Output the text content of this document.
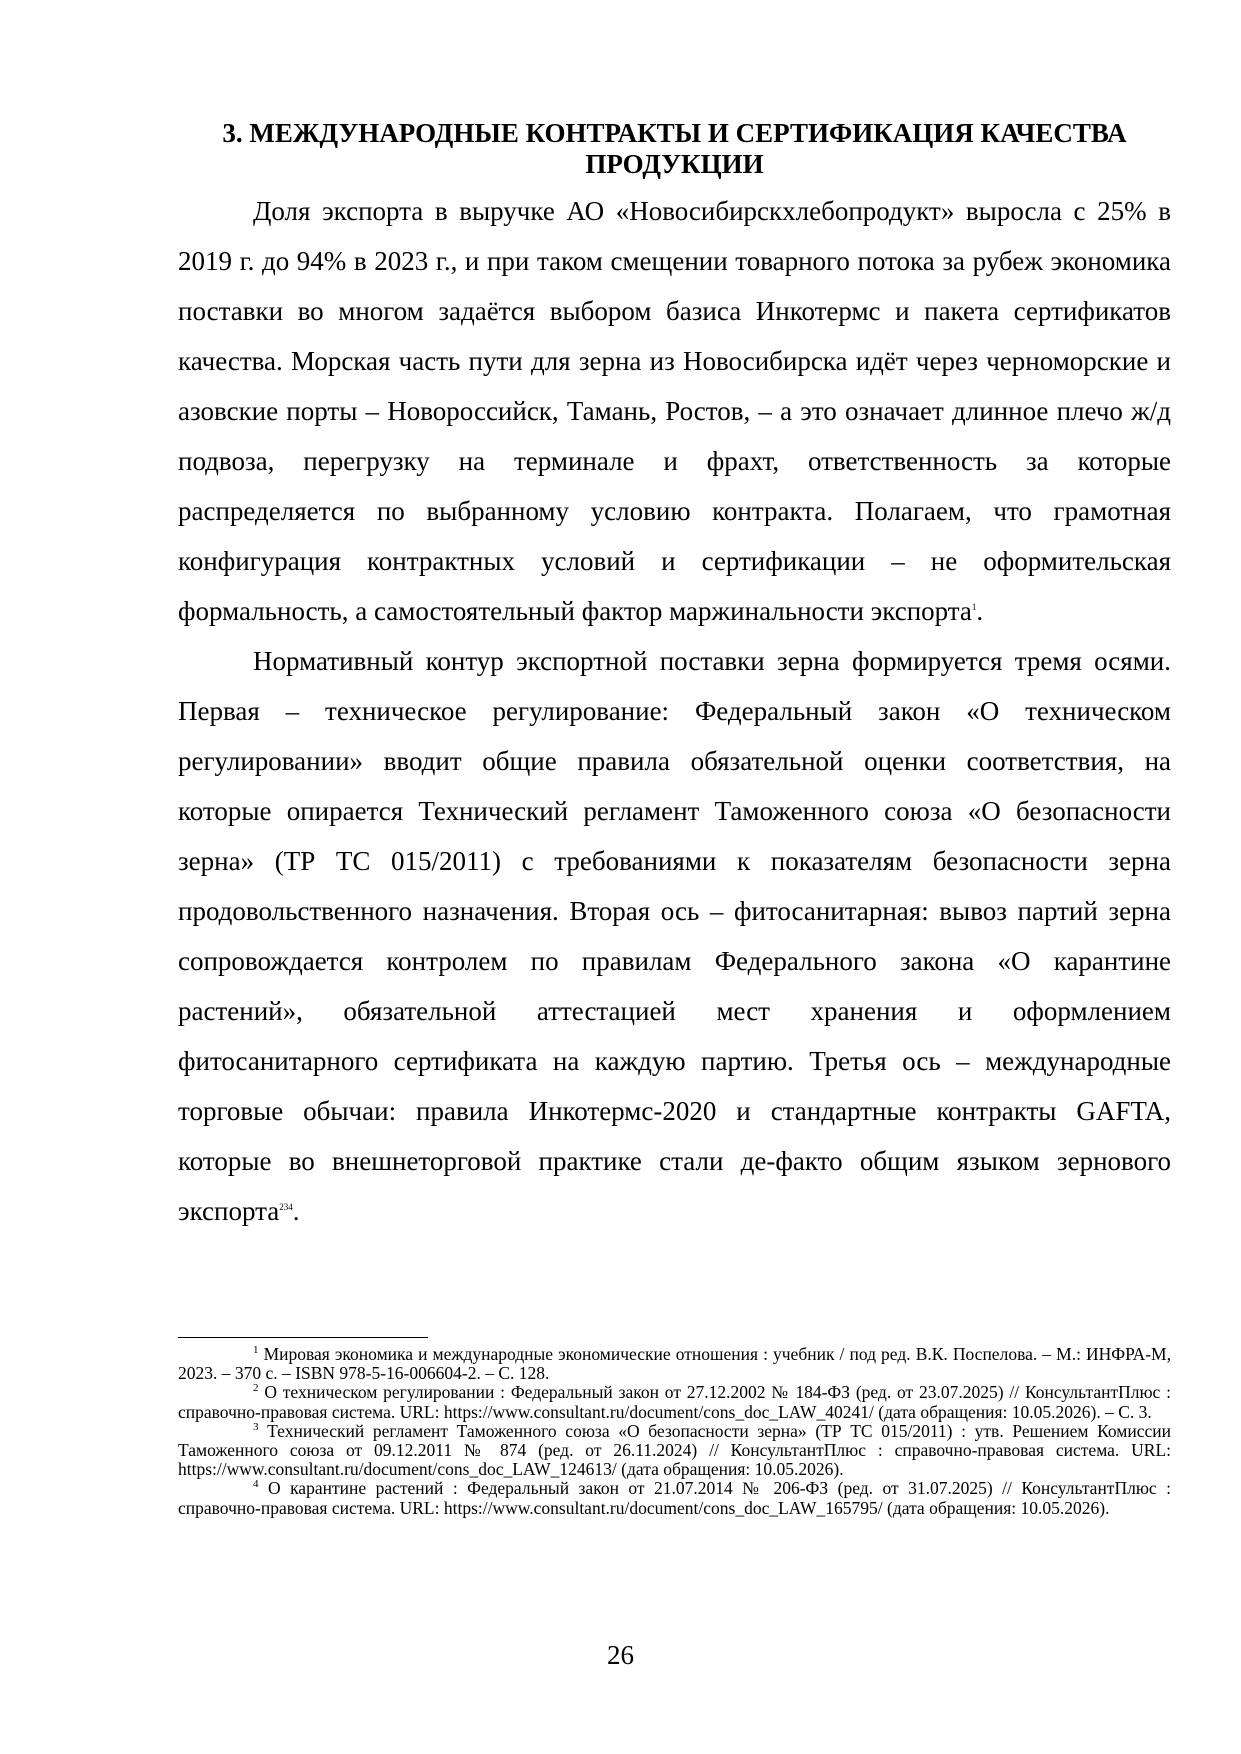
3. МЕЖДУНАРОДНЫЕ КОНТРАКТЫ И СЕРТИФИКАЦИЯ КАЧЕСТВА
ПРОДУКЦИИ

Доля экспорта в выручке АО «Новосибирскхлебопродукт» выросла с 25% в 2019 г. до 94% в 2023 г., и при таком смещении товарного потока за рубеж экономика поставки во многом задаётся выбором базиса Инкотермс и пакета сертификатов качества. Морская часть пути для зерна из Новосибирска идёт через черноморские и азовские порты – Новороссийск, Тамань, Ростов, – а это означает длинное плечо ж/д подвоза, перегрузку на терминале и фрахт, ответственность за которые распределяется по выбранному условию контракта. Полагаем, что грамотная конфигурация контрактных условий и сертификации – не оформительская формальность, а самостоятельный фактор маржинальности экспорта$^1$.

Нормативный контур экспортной поставки зерна формируется тремя осями. Первая – техническое регулирование: Федеральный закон «О техническом регулировании» вводит общие правила обязательной оценки соответствия, на которые опирается Технический регламент Таможенного союза «О безопасности зерна» (ТР ТС 015/2011) с требованиями к показателям безопасности зерна продовольственного назначения. Вторая ось – фитосанитарная: вывоз партий зерна сопровождается контролем по правилам Федерального закона «О карантине растений», обязательной аттестацией мест хранения и оформлением фитосанитарного сертификата на каждую партию. Третья ось – международные торговые обычаи: правила Инкотермс-2020 и стандартные контракты GAFTA, которые во внешнеторговой практике стали де-факто общим языком зернового экспорта$^{234}$.

$^1$ Мировая экономика и международные экономические отношения : учебник / под ред. В.К. Поспелова. – М.: ИНФРА-М, 2023. – 370 с. – ISBN 978-5-16-006604-2. – С. 128.

$^2$ О техническом регулировании : Федеральный закон от 27.12.2002 № 184-ФЗ (ред. от 23.07.2025) // КонсультантПлюс : справочно-правовая система. URL: https://www.consultant.ru/document/cons_doc_LAW_40241/ (дата обращения: 10.05.2026). – С. 3.

$^3$ Технический регламент Таможенного союза «О безопасности зерна» (ТР ТС 015/2011) : утв. Решением Комиссии Таможенного союза от 09.12.2011 № 874 (ред. от 26.11.2024) // КонсультантПлюс : справочно-правовая система. URL: https://www.consultant.ru/document/cons_doc_LAW_124613/ (дата обращения: 10.05.2026).

$^4$ О карантине растений : Федеральный закон от 21.07.2014 № 206-ФЗ (ред. от 31.07.2025) // КонсультантПлюс : справочно-правовая система. URL: https://www.consultant.ru/document/cons_doc_LAW_165795/ (дата обращения: 10.05.2026).

26
